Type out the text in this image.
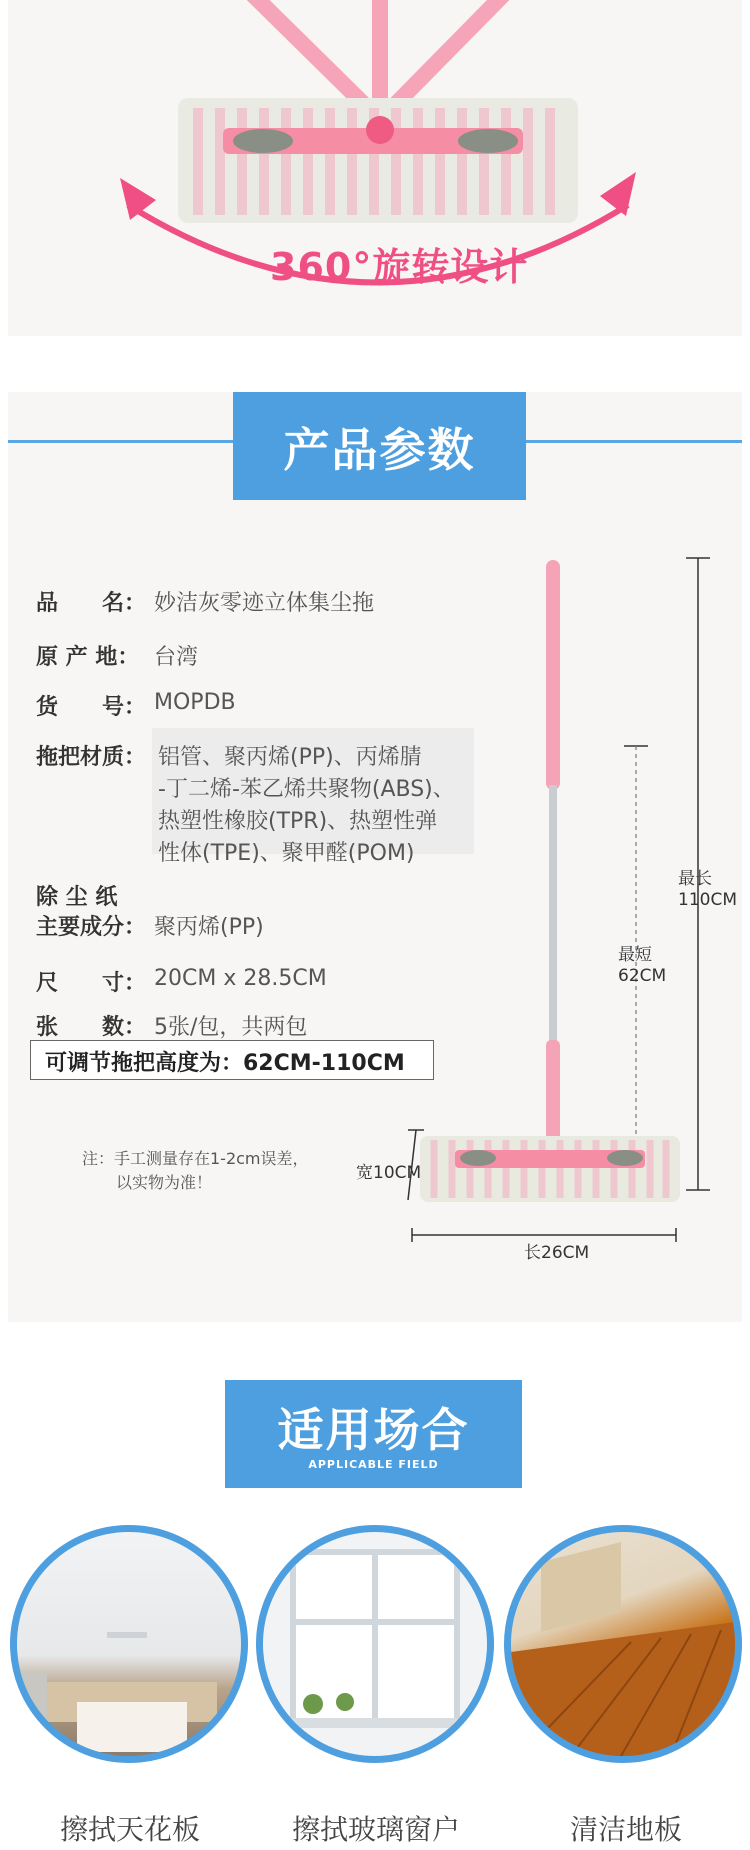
360°旋转设计
产品参数
品　　名： 妙洁灰零迹立体集尘拖
原 产 地： 台湾
货　　号： MOPDB
拖把材质： 铝管、聚丙烯(PP)、丙烯腈
-丁二烯-苯乙烯共聚物(ABS)、
热塑性橡胶(TPR)、热塑性弹
性体(TPE)、聚甲醛(POM)
除 尘 纸
主要成分： 聚丙烯(PP)
尺　　寸： 20CM x 28.5CM
张　　数： 5张/包，共两包
可调节拖把高度为：62CM-110CM
注：手工测量存在1-2cm误差，
以实物为准！
最长
110CM
最短
62CM
宽10CM
长26CM
适用场合
APPLICABLE FIELD
擦拭天花板	擦拭玻璃窗户	清洁地板
